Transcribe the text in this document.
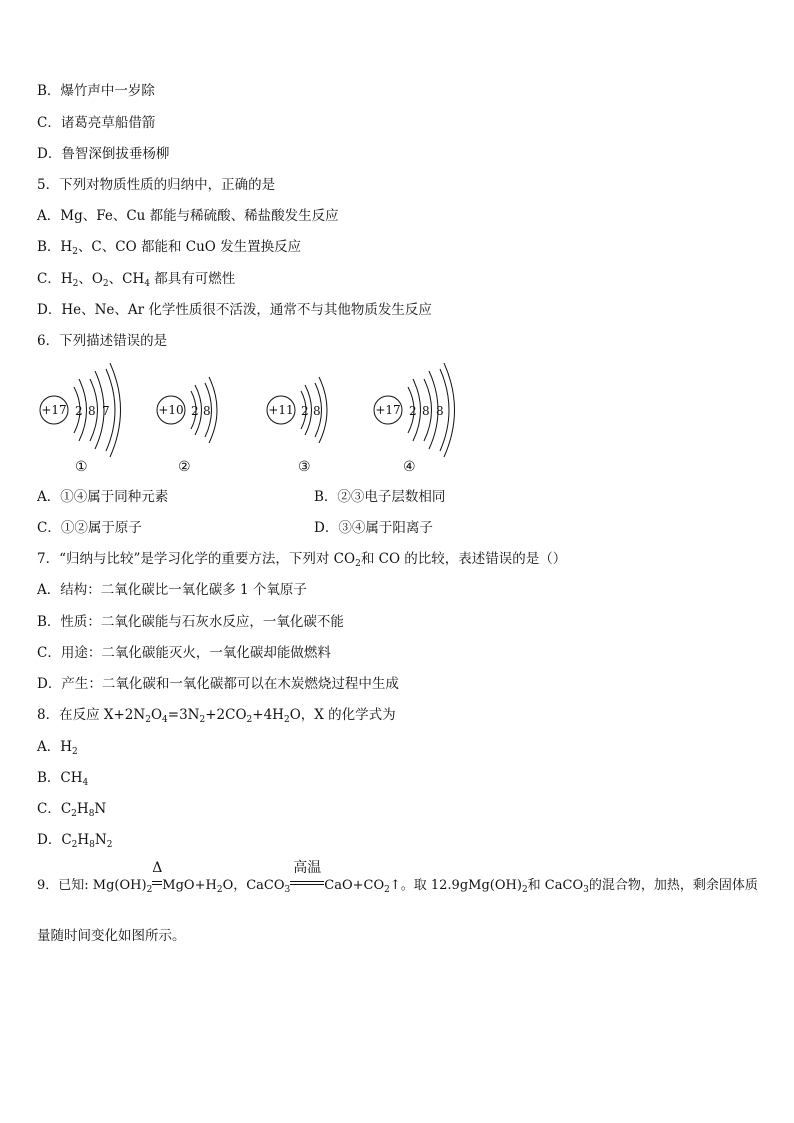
B．爆竹声中一岁除
C．诸葛亮草船借箭
D．鲁智深倒拔垂杨柳
5．下列对物质性质的归纳中，正确的是
A．Mg、Fe、Cu 都能与稀硫酸、稀盐酸发生反应
B．$H_2$、C、CO 都能和 CuO 发生置换反应
C．$H_2$、$O_2$、$CH_4$ 都具有可燃性
D．He、Ne、Ar 化学性质很不活泼，通常不与其他物质发生反应
6．下列描述错误的是
+17 2 8 7	+10 2 8	+11 2 8	+17 2 8 8
①	②	③	④
A．①④属于同种元素	B．②③电子层数相同
C．①②属于原子	D．③④属于阳离子
7．“归纳与比较”是学习化学的重要方法，下列对 $CO_2$和 CO 的比较，表述错误的是（）
A．结构：二氧化碳比一氧化碳多 1 个氧原子
B．性质：二氧化碳能与石灰水反应，一氧化碳不能
C．用途：二氧化碳能灭火，一氧化碳却能做燃料
D．产生：二氧化碳和一氧化碳都可以在木炭燃烧过程中生成
8．在反应 $X+2N_2O_4=3N_2+2CO_2+4H_2O$，X 的化学式为
A．$H_2$
B．$CH_4$
C．$C_2H_8N$
D．$C_2H_8N_2$
9．已知: $Mg(OH)_2$
Δ
$MgO+H_2O$，CaCO$_3$
高温
$CaO+CO_2↑$。取 $12.9gMg(OH)_2$和 CaCO$_3$的混合物，加热，剩余固体质
量随时间变化如图所示。
